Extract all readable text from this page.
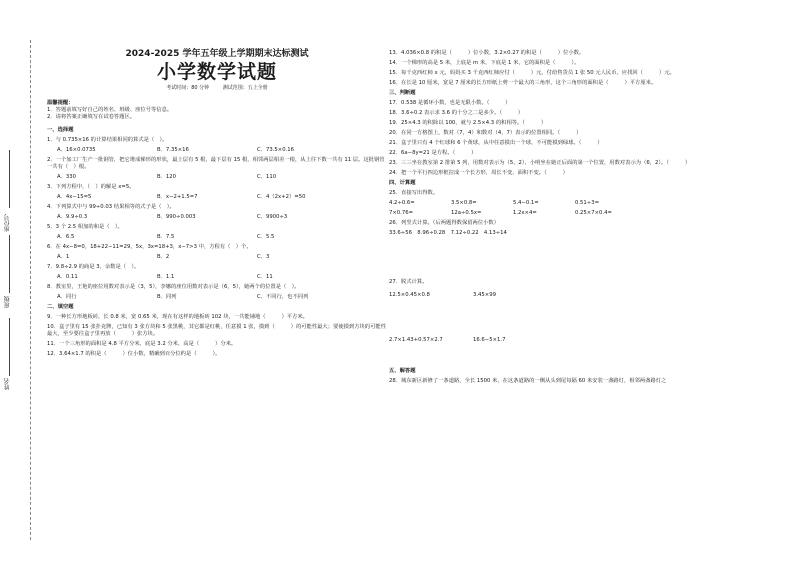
座位号
班级
姓名
2024-2025 学年五年级上学期期末达标测试
小学数学试题
考试时间：80 分钟	测试范围：五上全册
温馨提醒：
1．答题前填写好自己的姓名、班级、座位号等信息。
2．请将答案正确填写在试卷答题区。
一、选择题
1．与 0.735×16 的计算结果相同的算式是（　）。
A．16×0.0735	B．7.35×16	C．73.5×0.16
2．一个加工厂生产一批钢管，把它堆成梯形的形状，最上层有 5 根，最下层有 15 根，相邻两层相差一根，从上往下数一共有 11 层。这批钢管一共有（　）根。
A．330	B．120	C．110
3．下列方程中，（　）的解是 x=5。
A．4x−15=5	B．x−2+1.5=7	C．4（2x+2）=50
4．下列算式中与 99÷0.03 结果相等的式子是（　）。
A．9.9÷0.3	B．990÷0.003	C．9900÷3
5．3 个 2.5 相加的和是（　）。
A．6.5	B．7.5	C．5.5
6．在 4x−8=0，18+22−11=29，5x，3x=18+3，x−7>3 中，方程有（　）个。
A．1	B．2	C．3
7．9.8÷2.9 的商是 3，余数是（　）。
A．0.11	B．1.1	C．11
8．教室里，王艳的座位用数对表示是（3，5），李娜的座位用数对表示是（6，5），她两个的位置是（　）。
A．同行	B．同列	C．不同行，也不同列
二、填空题
9．一种长方形地板砖，长 0.8 米，宽 0.65 米，现在有这样的地板砖 102 块，一共能铺地（　　　）平方米。
10．盒子里有 15 张扑克牌，已知有 3 张方块和 5 张黑桃，其它都是红桃，任意摸 1 张，摸到（　　　）的可能性最大；要使摸到方块的可能性最大，至少要往盒子里再放（　　　）张方块。
11．一个三角形的面积是 4.8 平方分米，底是 3.2 分米，高是（　　　）分米。
12．3.64×1.7 的积是（　　　）位小数，精确到百分位约是（　　　）。
13．4.036×0.8 的积是（　　　）位小数，3.2×0.27 的积是（　　　）位小数。
14．一个梯形的高是 5 米，上底是 m 米，下底是 1 米，它的面积是（　　　）。
15．每千克西红柿 x 元，妈妈买 3 千克西红柿应付（　　　）元，付给售货员 1 张 50 元人民币，应找回（　　　）元。
16．在长是 10 厘米，宽是 7 厘米的长方形纸上剪一个最大的三角形，这个三角形的面积是（　　　）平方厘米。
三、判断题
17．0.538 是循环小数，也是无限小数。（　　　）
18．3.6÷0.2 表示求 3.6 的十分之二是多少。（　　　）
19．25×4.3 的积除以 100，就与 2.5×4.3 的积相等。（　　　）
20．在同一方格图上，数对（7，4）和数对（4，7）表示的位置相同。（　　　）
21．盒子里只有 4 个红球和 6 个黄球，从中任意摸出一个球，不可能摸到绿球。（　　　）
22．6a−8y=21 是方程。（　　　）
23．三三坐在教室第 2 排第 5 列，用数对表示为（5，2），小明坐在她正后面的第一个位置，用数对表示为（6，2）。（　　　）
24．把一个平行四边形框拉成一个长方形，周长不变，面积不变。（　　　）
四、计算题
25．直接写出得数。
4.2÷0.6=	3.5×0.8=	5.4−0.1=	0.51÷3=
7×0.76=	12a÷0.5x=	1.2x×4=	0.25×7×0.4=
26．列竖式计算。（后两题得数保留两位小数）
33.6÷56　8.96÷0.28　7.12÷0.22　4.13÷14
27．脱式计算。
12.5×0.45×0.8	3.45×99
2.7×1.43+0.57×2.7	16.6−5×1.7
五、解答题
28．城东新区新修了一条道路，全长 1500 米，在这条道路的一侧从头到尾每隔 60 米安装一盏路灯，相邻两盏路灯之
